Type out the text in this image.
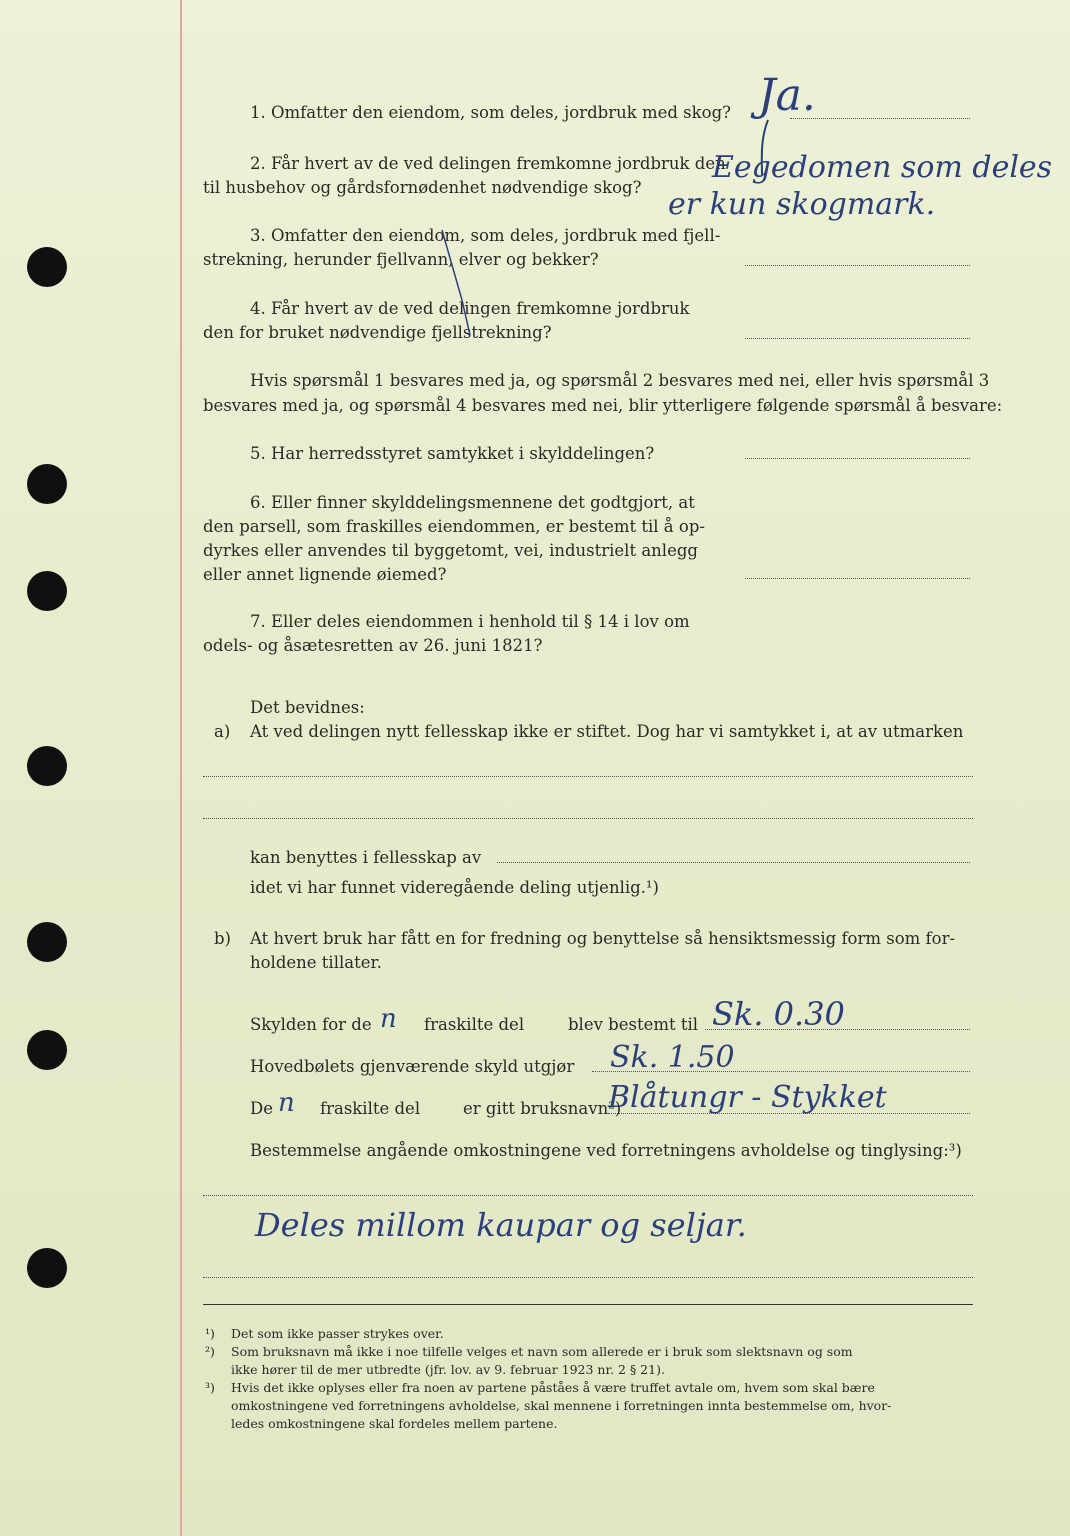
1. Omfatter den eiendom, som deles, jordbruk med skog? Ja.
2. Får hvert av de ved delingen fremkomne jordbruk den
til husbehov og gårdsfornødenhet nødvendige skog?
Eegedomen som deles
er kun skogmark.
3. Omfatter den eiendom, som deles, jordbruk med fjell-
strekning, herunder fjellvann, elver og bekker?
4. Får hvert av de ved delingen fremkomne jordbruk
den for bruket nødvendige fjellstrekning?
Hvis spørsmål 1 besvares med ja, og spørsmål 2 besvares med nei, eller hvis spørsmål 3
besvares med ja, og spørsmål 4 besvares med nei, blir ytterligere følgende spørsmål å besvare:
5. Har herredsstyret samtykket i skylddelingen?
6. Eller finner skylddelingsmennene det godtgjort, at
den parsell, som fraskilles eiendommen, er bestemt til å op-
dyrkes eller anvendes til byggetomt, vei, industrielt anlegg
eller annet lignende øiemed?
7. Eller deles eiendommen i henhold til § 14 i lov om
odels- og åsætesretten av 26. juni 1821?
Det bevidnes:
a) At ved delingen nytt fellesskap ikke er stiftet. Dog har vi samtykket i, at av utmarken
kan benyttes i fellesskap av
idet vi har funnet videregående deling utjenlig.¹)
b) At hvert bruk har fått en for fredning og benyttelse så hensiktsmessig form som for-
holdene tillater.
Skylden for de n fraskilte del	blev bestemt til Sk. 0.30
Hovedbølets gjenværende skyld utgjør Sk. 1.50
De n fraskilte del	er gitt bruksnavn²)
Blåtungr - Stykket
Bestemmelse angående omkostningene ved forretningens avholdelse og tinglysing:³)
Deles millom kaupar og seljar.
¹) Det som ikke passer strykes over.
²) Som bruksnavn må ikke i noe tilfelle velges et navn som allerede er i bruk som slektsnavn og som
ikke hører til de mer utbredte (jfr. lov. av 9. februar 1923 nr. 2 § 21).
³) Hvis det ikke oplyses eller fra noen av partene påståes å være truffet avtale om, hvem som skal bære
omkostningene ved forretningens avholdelse, skal mennene i forretningen innta bestemmelse om, hvor-
ledes omkostningene skal fordeles mellem partene.
